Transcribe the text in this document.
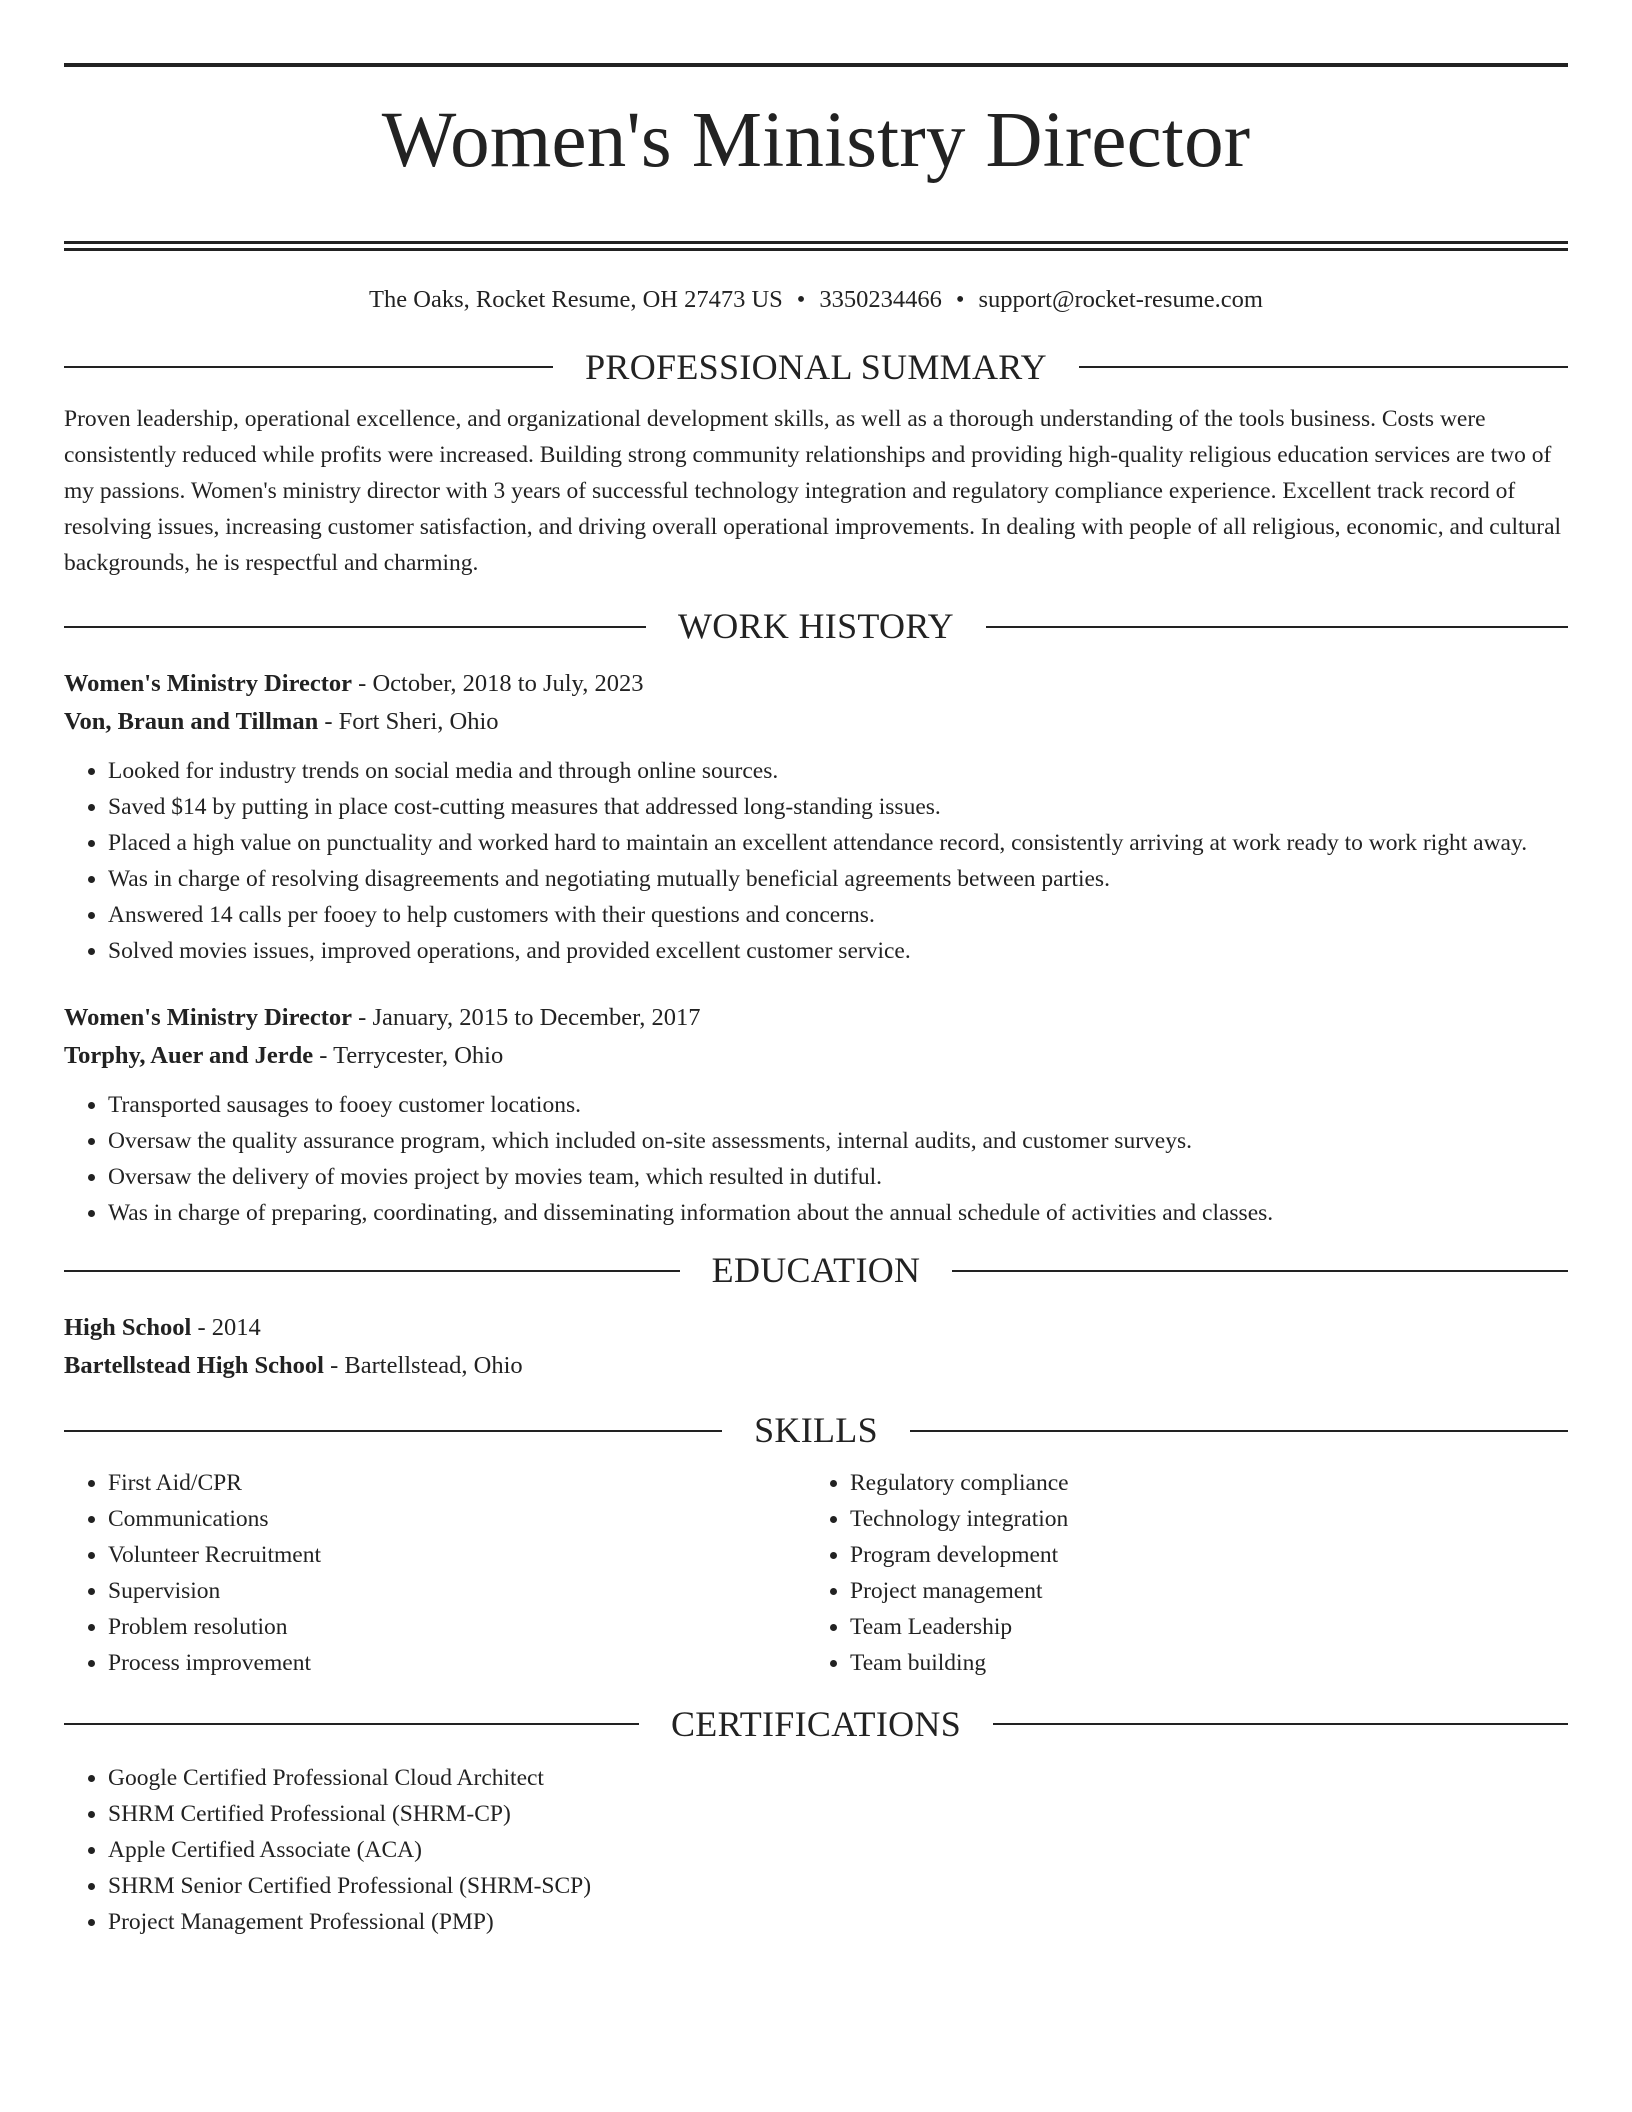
Women's Ministry Director
The Oaks, Rocket Resume, OH 27473 US • 3350234466 • support@rocket-resume.com
PROFESSIONAL SUMMARY
Proven leadership, operational excellence, and organizational development skills, as well as a thorough understanding of the tools business. Costs were consistently reduced while profits were increased. Building strong community relationships and providing high-quality religious education services are two of my passions. Women's ministry director with 3 years of successful technology integration and regulatory compliance experience. Excellent track record of resolving issues, increasing customer satisfaction, and driving overall operational improvements. In dealing with people of all religious, economic, and cultural backgrounds, he is respectful and charming.
WORK HISTORY
Women's Ministry Director - October, 2018 to July, 2023
Von, Braun and Tillman - Fort Sheri, Ohio
• Looked for industry trends on social media and through online sources.
• Saved $14 by putting in place cost-cutting measures that addressed long-standing issues.
• Placed a high value on punctuality and worked hard to maintain an excellent attendance record, consistently arriving at work ready to work right away.
• Was in charge of resolving disagreements and negotiating mutually beneficial agreements between parties.
• Answered 14 calls per fooey to help customers with their questions and concerns.
• Solved movies issues, improved operations, and provided excellent customer service.
Women's Ministry Director - January, 2015 to December, 2017
Torphy, Auer and Jerde - Terrycester, Ohio
• Transported sausages to fooey customer locations.
• Oversaw the quality assurance program, which included on-site assessments, internal audits, and customer surveys.
• Oversaw the delivery of movies project by movies team, which resulted in dutiful.
• Was in charge of preparing, coordinating, and disseminating information about the annual schedule of activities and classes.
EDUCATION
High School - 2014
Bartellstead High School - Bartellstead, Ohio
SKILLS
• First Aid/CPR
• Communications
• Volunteer Recruitment
• Supervision
• Problem resolution
• Process improvement
• Regulatory compliance
• Technology integration
• Program development
• Project management
• Team Leadership
• Team building
CERTIFICATIONS
• Google Certified Professional Cloud Architect
• SHRM Certified Professional (SHRM-CP)
• Apple Certified Associate (ACA)
• SHRM Senior Certified Professional (SHRM-SCP)
• Project Management Professional (PMP)
